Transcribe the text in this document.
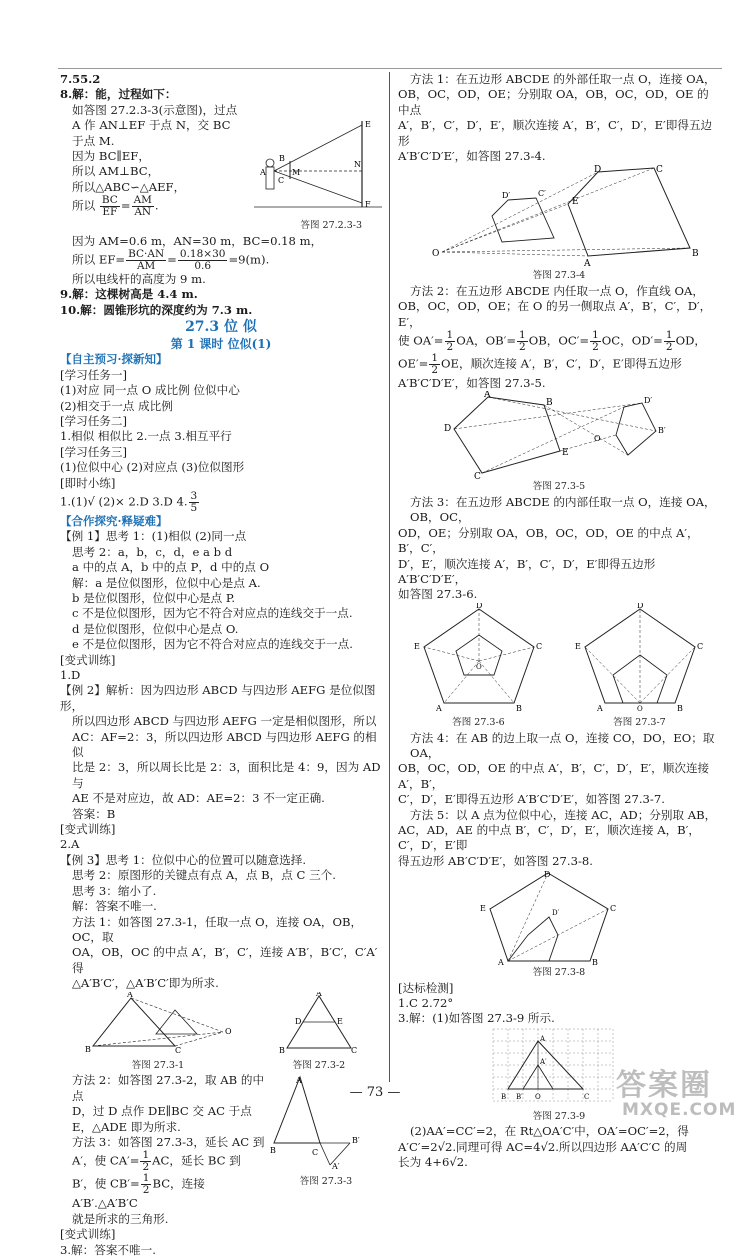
7.55.2

8.解：能，过程如下：

B
C
M
N
E
F
A

如答图 27.2.3-3(示意图)，过点

A 作 AN⊥EF 于点 N，交 BC

于点 M.

因为 BC∥EF，

所以 AM⊥BC，

所以△ABC∽△AEF，

所以 $\frac{BC}{EF} = \frac{AM}{AN}$ .

答图 27.2.3-3

因为 AM=0.6 m，AN=30 m，BC=0.18 m，

所以 $EF= \frac{BC\cdot AN}{AM} = \frac{0.18\times 30}{0.6} =9(m)$.

所以电线杆的高度为 9 m.

9.解：这棵树高是 4.4 m.

10.解：圆锥形坑的深度约为 7.3 m.

27.3 位 似

第 1 课时 位似(1)

【自主预习·探新知】

[学习任务一]

(1)对应 同一点 O 成比例 位似中心

(2)相交于一点 成比例

[学习任务二]

1.相似 相似比 2.一点 3.相互平行

[学习任务三]

(1)位似中心 (2)对应点 (3)位似图形

[即时小练]

1.(1)√ (2)× 2.D 3.D 4. $\frac{3}{5}$

【合作探究·释疑难】

【例 1】思考 1：(1)相似 (2)同一点

思考 2：a，b，c，d，e a b d

a 中的点 A，b 中的点 P，d 中的点 O

解：a 是位似图形，位似中心是点 A.

b 是位似图形，位似中心是点 P.

c 不是位似图形，因为它不符合对应点的连线交于一点.

d 是位似图形，位似中心是点 O.

e 不是位似图形，因为它不符合对应点的连线交于一点.

[变式训练]

1.D

【例 2】解析：因为四边形 ABCD 与四边形 AEFG 是位似图形，

所以四边形 ABCD 与四边形 AEFG 一定是相似图形，所以

AC：AF=2：3，所以四边形 ABCD 与四边形 AEFG 的相似

比是 2：3，所以周长比是 2：3，面积比是 4：9，因为 AD 与

AE 不是对应边，故 AD：AE=2：3 不一定正确.

答案：B

[变式训练]

2.A

【例 3】思考 1：位似中心的位置可以随意选择.

思考 2：原图形的关键点有点 A，点 B，点 C 三个.

思考 3：缩小了.

解：答案不唯一.

方法 1：如答图 27.3-1，任取一点 O，连接 OA，OB，OC，取

OA，OB，OC 的中点 A′，B′，C′，连接 A′B′，B′C′，C′A′得

△A′B′C′，△A′B′C′即为所求.

A
B	C
O

答图 27.3-1

A
D	E
B	C

答图 27.3-2

A
B	C
B′
A′

答图 27.3-3

方法 2：如答图 27.3-2，取 AB 的中点

D，过 D 点作 DE∥BC 交 AC 于点

E，△ADE 即为所求.

方法 3：如答图 27.3-3，延长 AC 到

A′，使 $CA'= \frac{1}{2}$ AC，延长 BC 到

B′，使 $CB'= \frac{1}{2}$ BC，连接 A′B′.△A′B′C

就是所求的三角形.

[变式训练]

3.解：答案不唯一.

方法 1：在五边形 ABCDE 的外部任取一点 O，连接 OA，

OB，OC，OD，OE；分别取 OA，OB，OC，OD，OE 的中点

A′，B′，C′，D′，E′，顺次连接 A′，B′，C′，D′，E′即得五边形

A′B′C′D′E′，如答图 27.3-4.

O
D	C
B
A
E
D′	C′

答图 27.3-4

方法 2：在五边形 ABCDE 内任取一点 O，作直线 OA，

OB，OC，OD，OE；在 O 的另一侧取点 A′，B′，C′，D′，E′，

使 $OA'= \frac{1}{2}$ OA，$OB'= \frac{1}{2}$ OB，$OC'= \frac{1}{2}$ OC，$OD'= \frac{1}{2}$ OD，

$OE'= \frac{1}{2}$ OE，顺次连接 A′，B′，C′，D′，E′即得五边形

A′B′C′D′E′，如答图 27.3-5.

A
B
E
C
D
O
D′
B′

答图 27.3-5

方法 3：在五边形 ABCDE 的内部任取一点 O，连接 OA，OB，OC，

OD，OE；分别取 OA，OB，OC，OD，OE 的中点 A′，B′，C′，

D′，E′，顺次连接 A′，B′，C′，D′，E′即得五边形 A′B′C′D′E′，

如答图 27.3-6.

D
C
B
A
E
O

答图 27.3-6

D
C
B
A
E
O

答图 27.3-7

方法 4：在 AB 的边上取一点 O，连接 CO，DO，EO；取 OA，

OB，OC，OD，OE 的中点 A′，B′，C′，D′，E′，顺次连接 A′，B′，

C′，D′，E′即得五边形 A′B′C′D′E′，如答图 27.3-7.

方法 5：以 A 点为位似中心，连接 AC，AD；分别取 AB，

AC，AD，AE 的中点 B′，C′，D′，E′，顺次连接 A，B′，C′，D′，E′即

得五边形 AB′C′D′E′，如答图 27.3-8.

D
C
B
A
E	D′

答图 27.3-8

[达标检测]

1.C 2.72°

3.解：(1)如答图 27.3-9 所示.

A
B B′ O	C
A′

答图 27.3-9

(2)AA′=CC′=2，在 Rt△OA′C′中，OA′=OC′=2，得

A′C′=2√2.同理可得 AC=4√2.所以四边形 AA′C′C 的周

长为 4+6√2.

— 73 —	答案圈
MXQE.COM
